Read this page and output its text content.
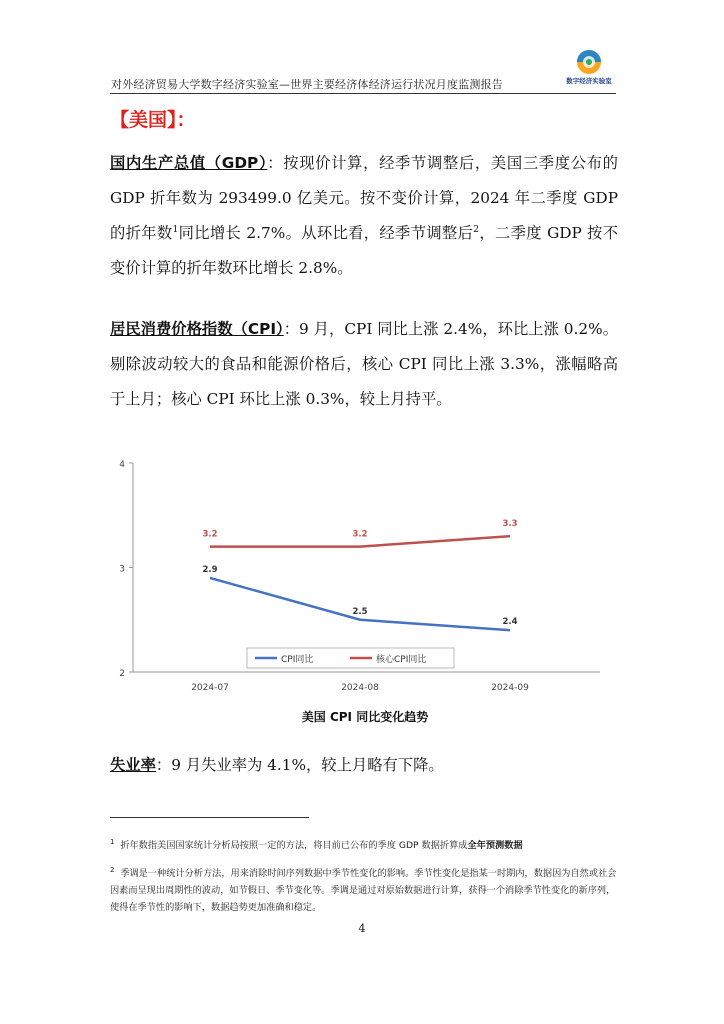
对外经济贸易大学数字经济实验室—世界主要经济体经济运行状况月度监测报告	数字经济实验室
【美国】：
国内生产总值（GDP）：按现价计算，经季节调整后，美国三季度公布的 GDP 折年数为 293499.0 亿美元。按不变价计算，2024 年二季度 GDP 的折年数$^1$同比增长 2.7%。从环比看，经季节调整后$^2$，二季度 GDP 按不变价计算的折年数环比增长 2.8%。
居民消费价格指数（CPI）：9 月，CPI 同比上涨 2.4%，环比上涨 0.2%。剔除波动较大的食品和能源价格后，核心 CPI 同比上涨 3.3%，涨幅略高于上月；核心 CPI 环比上涨 0.3%，较上月持平。
2
3
4
2024-07	2024-08	2024-09
2.9
2.5
2.4
3.2	3.2
3.3
CPI同比	核心CPI同比
美国 CPI 同比变化趋势
失业率：9 月失业率为 4.1%，较上月略有下降。
$^1$ 折年数指美国国家统计分析局按照一定的方法，将目前已公布的季度 GDP 数据折算成全年预测数据
$^2$ 季调是一种统计分析方法，用来消除时间序列数据中季节性变化的影响。季节性变化是指某一时期内，数据因为自然或社会因素而呈现出周期性的波动，如节假日、季节变化等。季调是通过对原始数据进行计算，获得一个消除季节性变化的新序列，使得在季节性的影响下，数据趋势更加准确和稳定。
4
